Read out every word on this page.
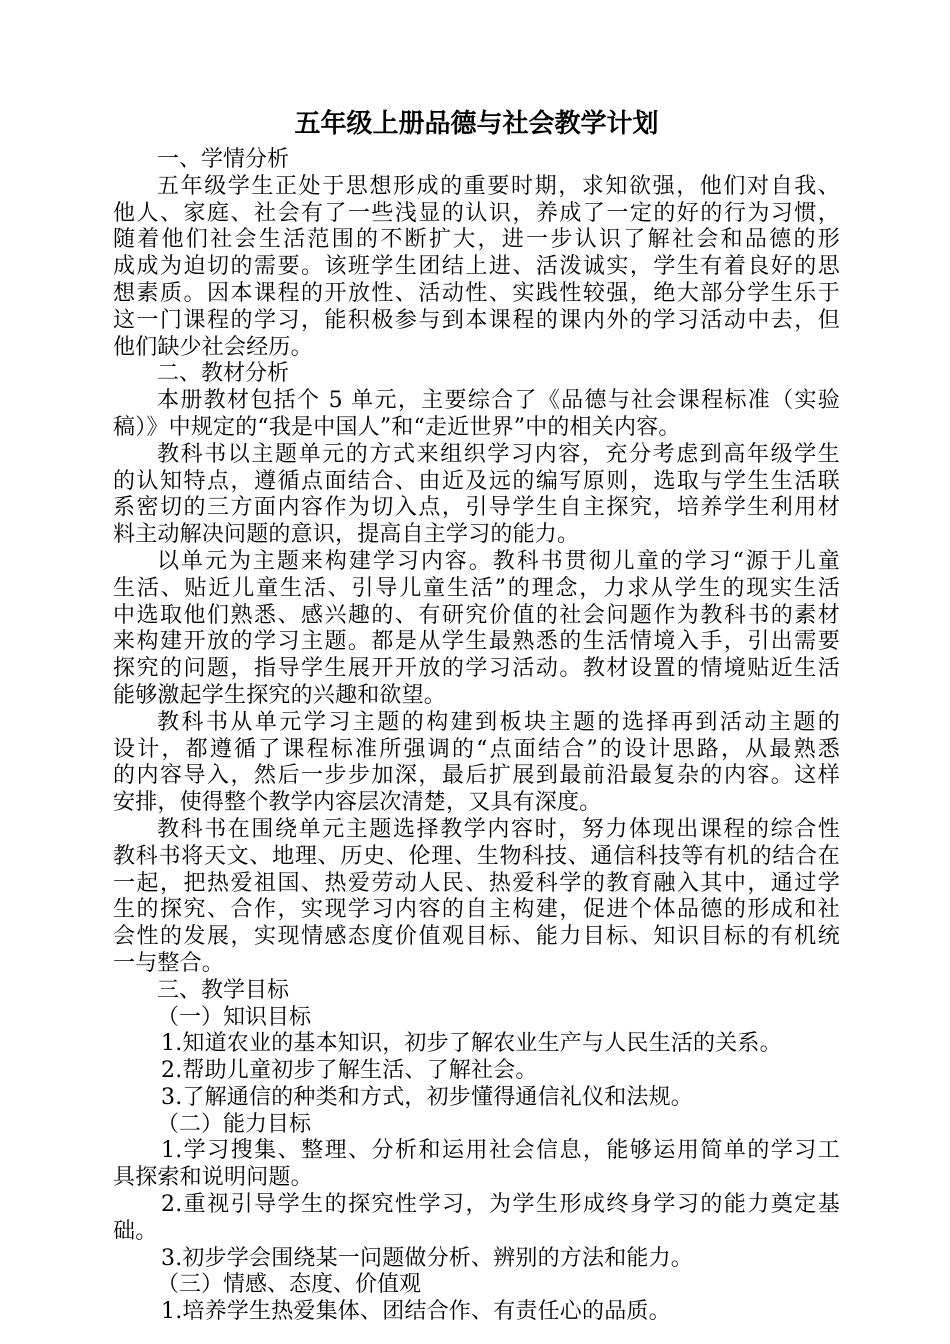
五年级上册品德与社会教学计划
一、学情分析
五年级学生正处于思想形成的重要时期，求知欲强，他们对自我、
他人、家庭、社会有了一些浅显的认识，养成了一定的好的行为习惯，
随着他们社会生活范围的不断扩大，进一步认识了解社会和品德的形
成成为迫切的需要。该班学生团结上进、活泼诚实，学生有着良好的思
想素质。因本课程的开放性、活动性、实践性较强，绝大部分学生乐于
这一门课程的学习，能积极参与到本课程的课内外的学习活动中去，但
他们缺少社会经历。
二、教材分析
本册教材包括个 5 单元，主要综合了《品德与社会课程标准（实验
稿）》中规定的“我是中国人”和“走近世界”中的相关内容。
教科书以主题单元的方式来组织学习内容，充分考虑到高年级学生
的认知特点，遵循点面结合、由近及远的编写原则，选取与学生生活联
系密切的三方面内容作为切入点，引导学生自主探究，培养学生利用材
料主动解决问题的意识，提高自主学习的能力。
以单元为主题来构建学习内容。教科书贯彻儿童的学习“源于儿童
生活、贴近儿童生活、引导儿童生活”的理念，力求从学生的现实生活
中选取他们熟悉、感兴趣的、有研究价值的社会问题作为教科书的素材
来构建开放的学习主题。都是从学生最熟悉的生活情境入手，引出需要
探究的问题，指导学生展开开放的学习活动。教材设置的情境贴近生活
能够激起学生探究的兴趣和欲望。
教科书从单元学习主题的构建到板块主题的选择再到活动主题的
设计，都遵循了课程标准所强调的“点面结合”的设计思路，从最熟悉
的内容导入，然后一步步加深，最后扩展到最前沿最复杂的内容。这样
安排，使得整个教学内容层次清楚，又具有深度。
教科书在围绕单元主题选择教学内容时，努力体现出课程的综合性
教科书将天文、地理、历史、伦理、生物科技、通信科技等有机的结合在
一起，把热爱祖国、热爱劳动人民、热爱科学的教育融入其中，通过学
生的探究、合作，实现学习内容的自主构建，促进个体品德的形成和社
会性的发展，实现情感态度价值观目标、能力目标、知识目标的有机统
一与整合。
三、教学目标
（一）知识目标
1.知道农业的基本知识，初步了解农业生产与人民生活的关系。
2.帮助儿童初步了解生活、了解社会。
3.了解通信的种类和方式，初步懂得通信礼仪和法规。
（二）能力目标
1.学习搜集、整理、分析和运用社会信息，能够运用简单的学习工
具探索和说明问题。
2.重视引导学生的探究性学习，为学生形成终身学习的能力奠定基
础。
3.初步学会围绕某一问题做分析、辨别的方法和能力。
（三）情感、态度、价值观
1.培养学生热爱集体、团结合作、有责任心的品质。
